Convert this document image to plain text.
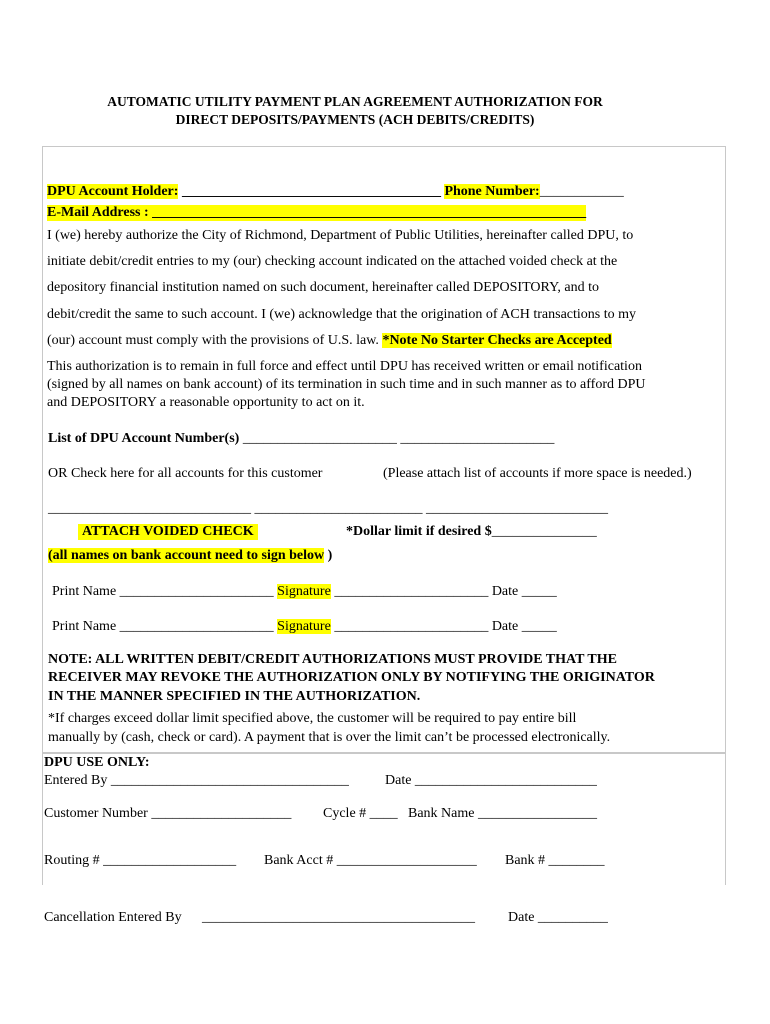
AUTOMATIC UTILITY PAYMENT PLAN AGREEMENT AUTHORIZATION FOR
DIRECT DEPOSITS/PAYMENTS (ACH DEBITS/CREDITS)
DPU Account Holder: _____________________________________ Phone Number:____________
E-Mail Address : ______________________________________________________________
I (we) hereby authorize the City of Richmond, Department of Public Utilities, hereinafter called DPU, to
initiate debit/credit entries to my (our) checking account indicated on the attached voided check at the
depository financial institution named on such document, hereinafter called DEPOSITORY, and to
debit/credit the same to such account. I (we) acknowledge that the origination of ACH transactions to my
(our) account must comply with the provisions of U.S. law. *Note No Starter Checks are Accepted
This authorization is to remain in full force and effect until DPU has received written or email notification
(signed by all names on bank account) of its termination in such time and in such manner as to afford DPU
and DEPOSITORY a reasonable opportunity to act on it.
List of DPU Account Number(s) ______________________ ______________________
OR Check here for all accounts for this customer	(Please attach list of accounts if more space is needed.)
_____________________________ ________________________ __________________________
ATTACH VOIDED CHECK	*Dollar limit if desired $_______________
(all names on bank account need to sign below )
Print Name ______________________ Signature ______________________ Date _____
Print Name ______________________ Signature ______________________ Date _____
NOTE: ALL WRITTEN DEBIT/CREDIT AUTHORIZATIONS MUST PROVIDE THAT THE
RECEIVER MAY REVOKE THE AUTHORIZATION ONLY BY NOTIFYING THE ORIGINATOR
IN THE MANNER SPECIFIED IN THE AUTHORIZATION.
*If charges exceed dollar limit specified above, the customer will be required to pay entire bill
manually by (cash, check or card). A payment that is over the limit can’t be processed electronically.
DPU USE ONLY:
Entered By __________________________________	Date __________________________
Customer Number ____________________ Cycle # ____ Bank Name _________________
Routing # ___________________ Bank Acct # ____________________ Bank # ________
Cancellation Entered By _______________________________________ Date __________
